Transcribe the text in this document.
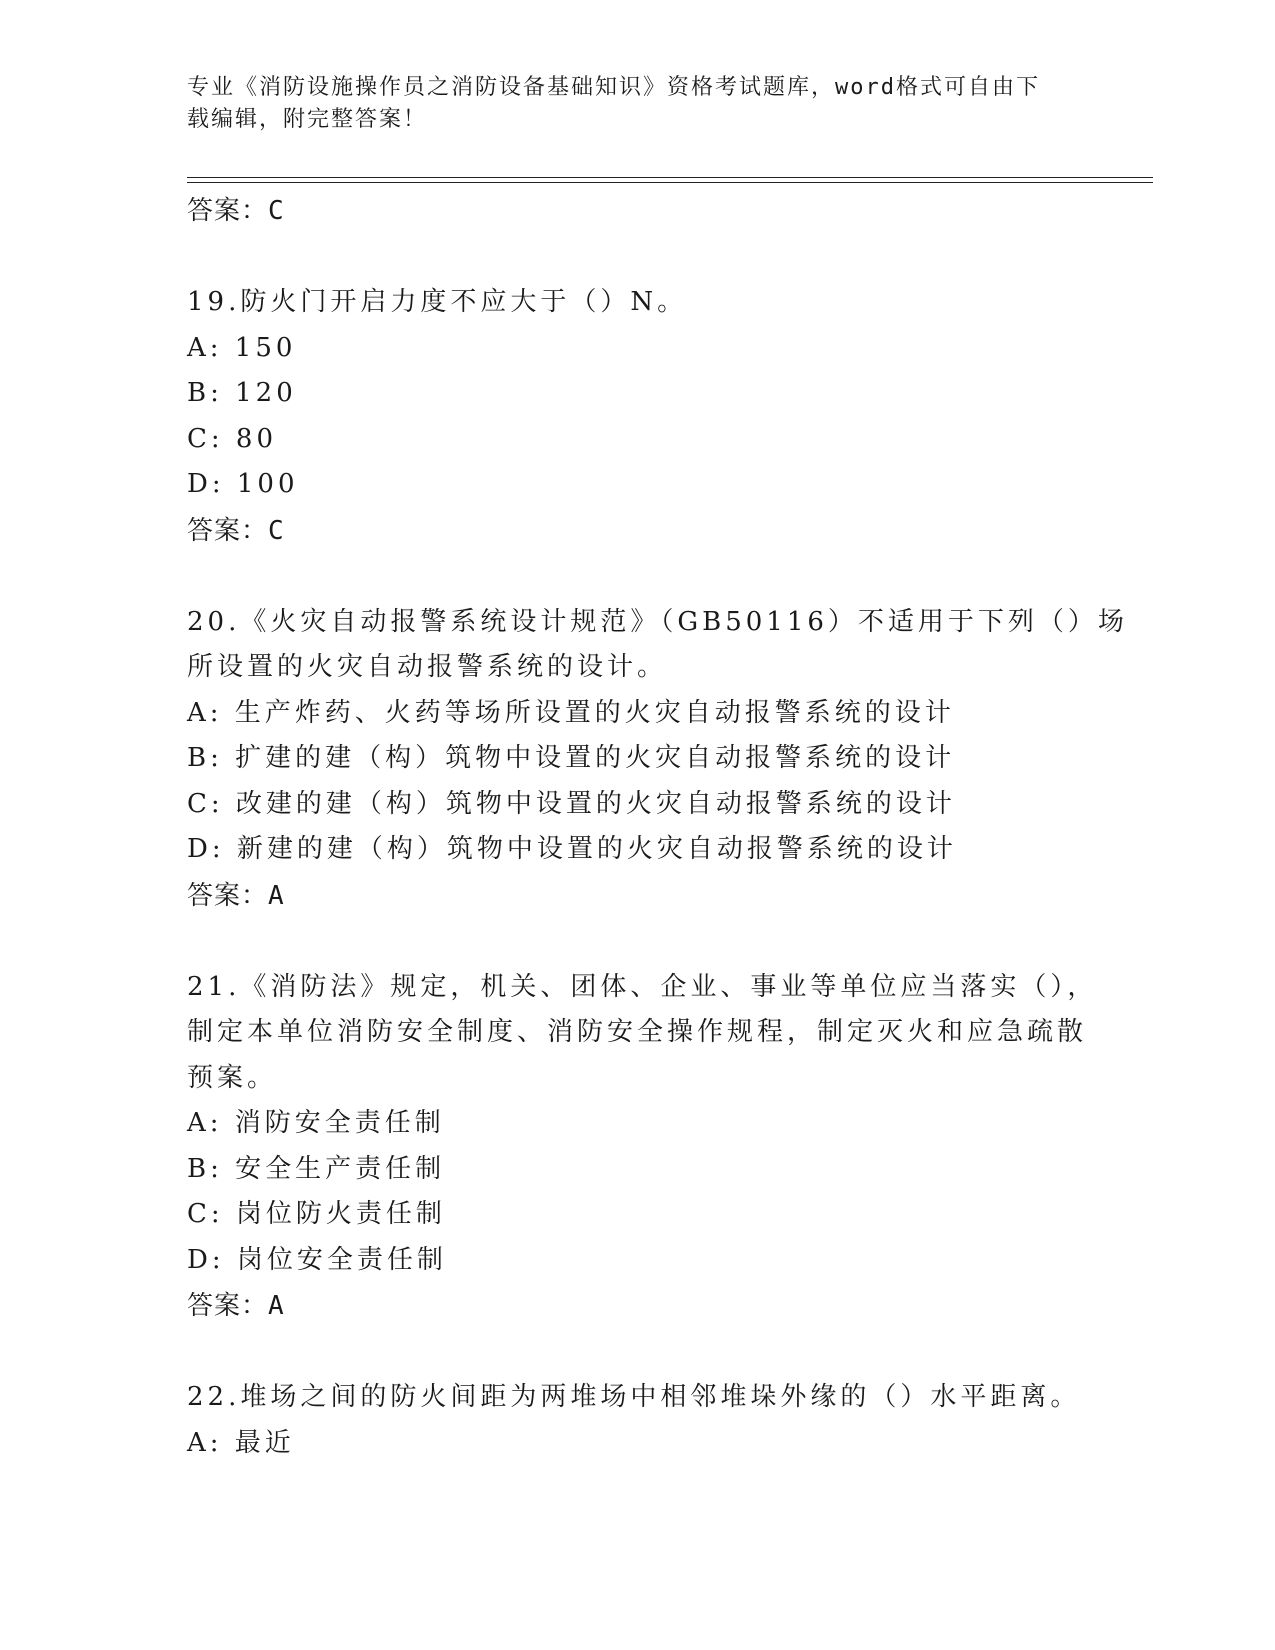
专业《消防设施操作员之消防设备基础知识》资格考试题库，word格式可自由下
载编辑，附完整答案！
答案：C
19.防火门开启力度不应大于（）N。
A: 150
B: 120
C: 80
D: 100
答案：C
20.《火灾自动报警系统设计规范》（GB50116）不适用于下列（）场
所设置的火灾自动报警系统的设计。
A: 生产炸药、火药等场所设置的火灾自动报警系统的设计
B: 扩建的建（构）筑物中设置的火灾自动报警系统的设计
C: 改建的建（构）筑物中设置的火灾自动报警系统的设计
D: 新建的建（构）筑物中设置的火灾自动报警系统的设计
答案：A
21.《消防法》规定，机关、团体、企业、事业等单位应当落实（），
制定本单位消防安全制度、消防安全操作规程，制定灭火和应急疏散
预案。
A: 消防安全责任制
B: 安全生产责任制
C: 岗位防火责任制
D: 岗位安全责任制
答案：A
22.堆场之间的防火间距为两堆场中相邻堆垛外缘的（）水平距离。
A: 最近
